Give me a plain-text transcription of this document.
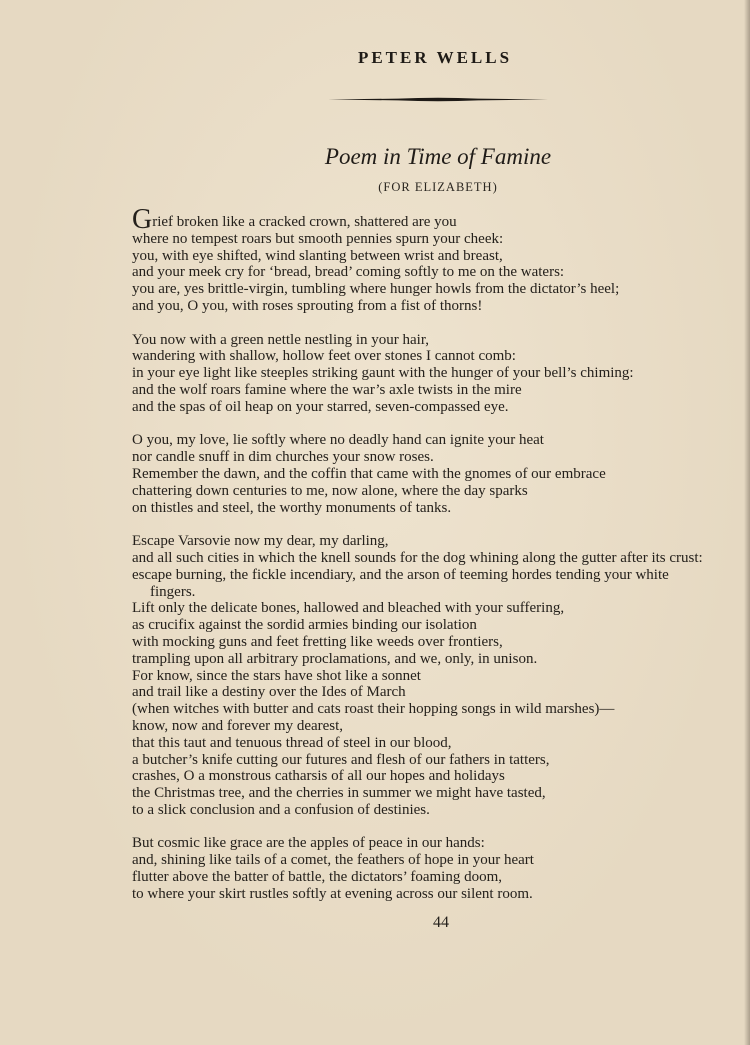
PETER WELLS
Poem in Time of Famine
(FOR ELIZABETH)
Grief broken like a cracked crown, shattered are you
where no tempest roars but smooth pennies spurn your cheek:
you, with eye shifted, wind slanting between wrist and breast,
and your meek cry for ‘bread, bread’ coming softly to me on the waters:
you are, yes brittle-virgin, tumbling where hunger howls from the dictator’s heel;
and you, O you, with roses sprouting from a fist of thorns!
You now with a green nettle nestling in your hair,
wandering with shallow, hollow feet over stones I cannot comb:
in your eye light like steeples striking gaunt with the hunger of your bell’s chiming:
and the wolf roars famine where the war’s axle twists in the mire
and the spas of oil heap on your starred, seven-compassed eye.
O you, my love, lie softly where no deadly hand can ignite your heat
nor candle snuff in dim churches your snow roses.
Remember the dawn, and the coffin that came with the gnomes of our embrace
chattering down centuries to me, now alone, where the day sparks
on thistles and steel, the worthy monuments of tanks.
Escape Varsovie now my dear, my darling,
and all such cities in which the knell sounds for the dog whining along the gutter after its crust:
escape burning, the fickle incendiary, and the arson of teeming hordes tending your white
fingers.
Lift only the delicate bones, hallowed and bleached with your suffering,
as crucifix against the sordid armies binding our isolation
with mocking guns and feet fretting like weeds over frontiers,
trampling upon all arbitrary proclamations, and we, only, in unison.
For know, since the stars have shot like a sonnet
and trail like a destiny over the Ides of March
(when witches with butter and cats roast their hopping songs in wild marshes)—
know, now and forever my dearest,
that this taut and tenuous thread of steel in our blood,
a butcher’s knife cutting our futures and flesh of our fathers in tatters,
crashes, O a monstrous catharsis of all our hopes and holidays
the Christmas tree, and the cherries in summer we might have tasted,
to a slick conclusion and a confusion of destinies.
But cosmic like grace are the apples of peace in our hands:
and, shining like tails of a comet, the feathers of hope in your heart
flutter above the batter of battle, the dictators’ foaming doom,
to where your skirt rustles softly at evening across our silent room.
44
